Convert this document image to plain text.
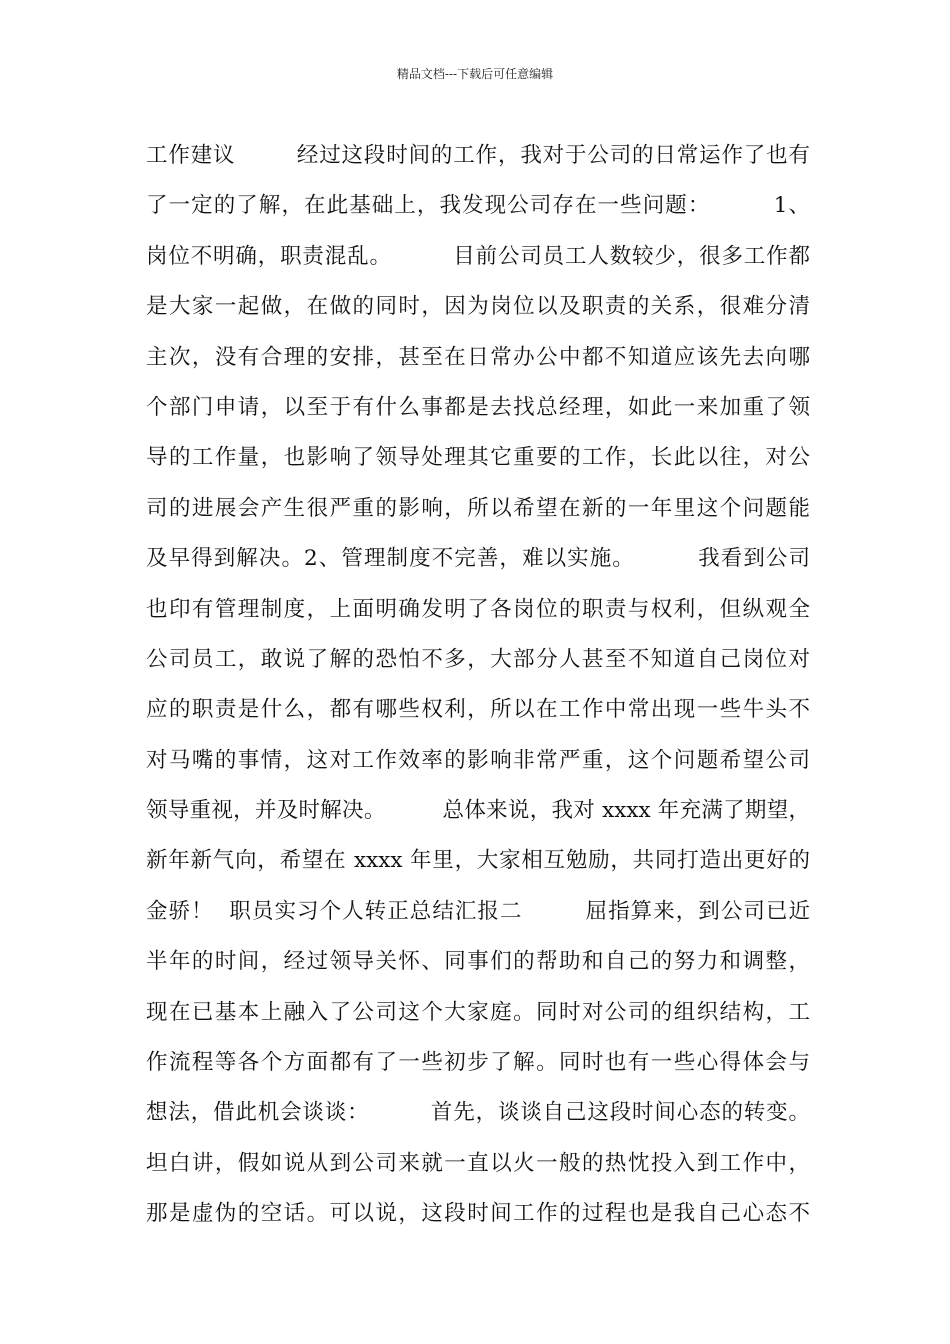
精品文档---下载后可任意编辑
工作建议        经过这段时间的工作，我对于公司的日常运作了也有
了一定的了解，在此基础上，我发现公司存在一些问题：        1、
岗位不明确，职责混乱。        目前公司员工人数较少，很多工作都
是大家一起做，在做的同时，因为岗位以及职责的关系，很难分清
主次，没有合理的安排，甚至在日常办公中都不知道应该先去向哪
个部门申请，以至于有什么事都是去找总经理，如此一来加重了领
导的工作量，也影响了领导处理其它重要的工作，长此以往，对公
司的进展会产生很严重的影响，所以希望在新的一年里这个问题能
及早得到解决。2、管理制度不完善，难以实施。        我看到公司
也印有管理制度，上面明确发明了各岗位的职责与权利，但纵观全
公司员工，敢说了解的恐怕不多，大部分人甚至不知道自己岗位对
应的职责是什么，都有哪些权利，所以在工作中常出现一些牛头不
对马嘴的事情，这对工作效率的影响非常严重，这个问题希望公司
领导重视，并及时解决。        总体来说，我对 xxxx 年充满了期望，
新年新气向，希望在 xxxx 年里，大家相互勉励，共同打造出更好的
金骄！  职员实习个人转正总结汇报二        屈指算来，到公司已近
半年的时间，经过领导关怀、同事们的帮助和自己的努力和调整，
现在已基本上融入了公司这个大家庭。同时对公司的组织结构，工
作流程等各个方面都有了一些初步了解。同时也有一些心得体会与
想法，借此机会谈谈：        首先，谈谈自己这段时间心态的转变。
坦白讲，假如说从到公司来就一直以火一般的热忱投入到工作中，
那是虚伪的空话。可以说，这段时间工作的过程也是我自己心态不
